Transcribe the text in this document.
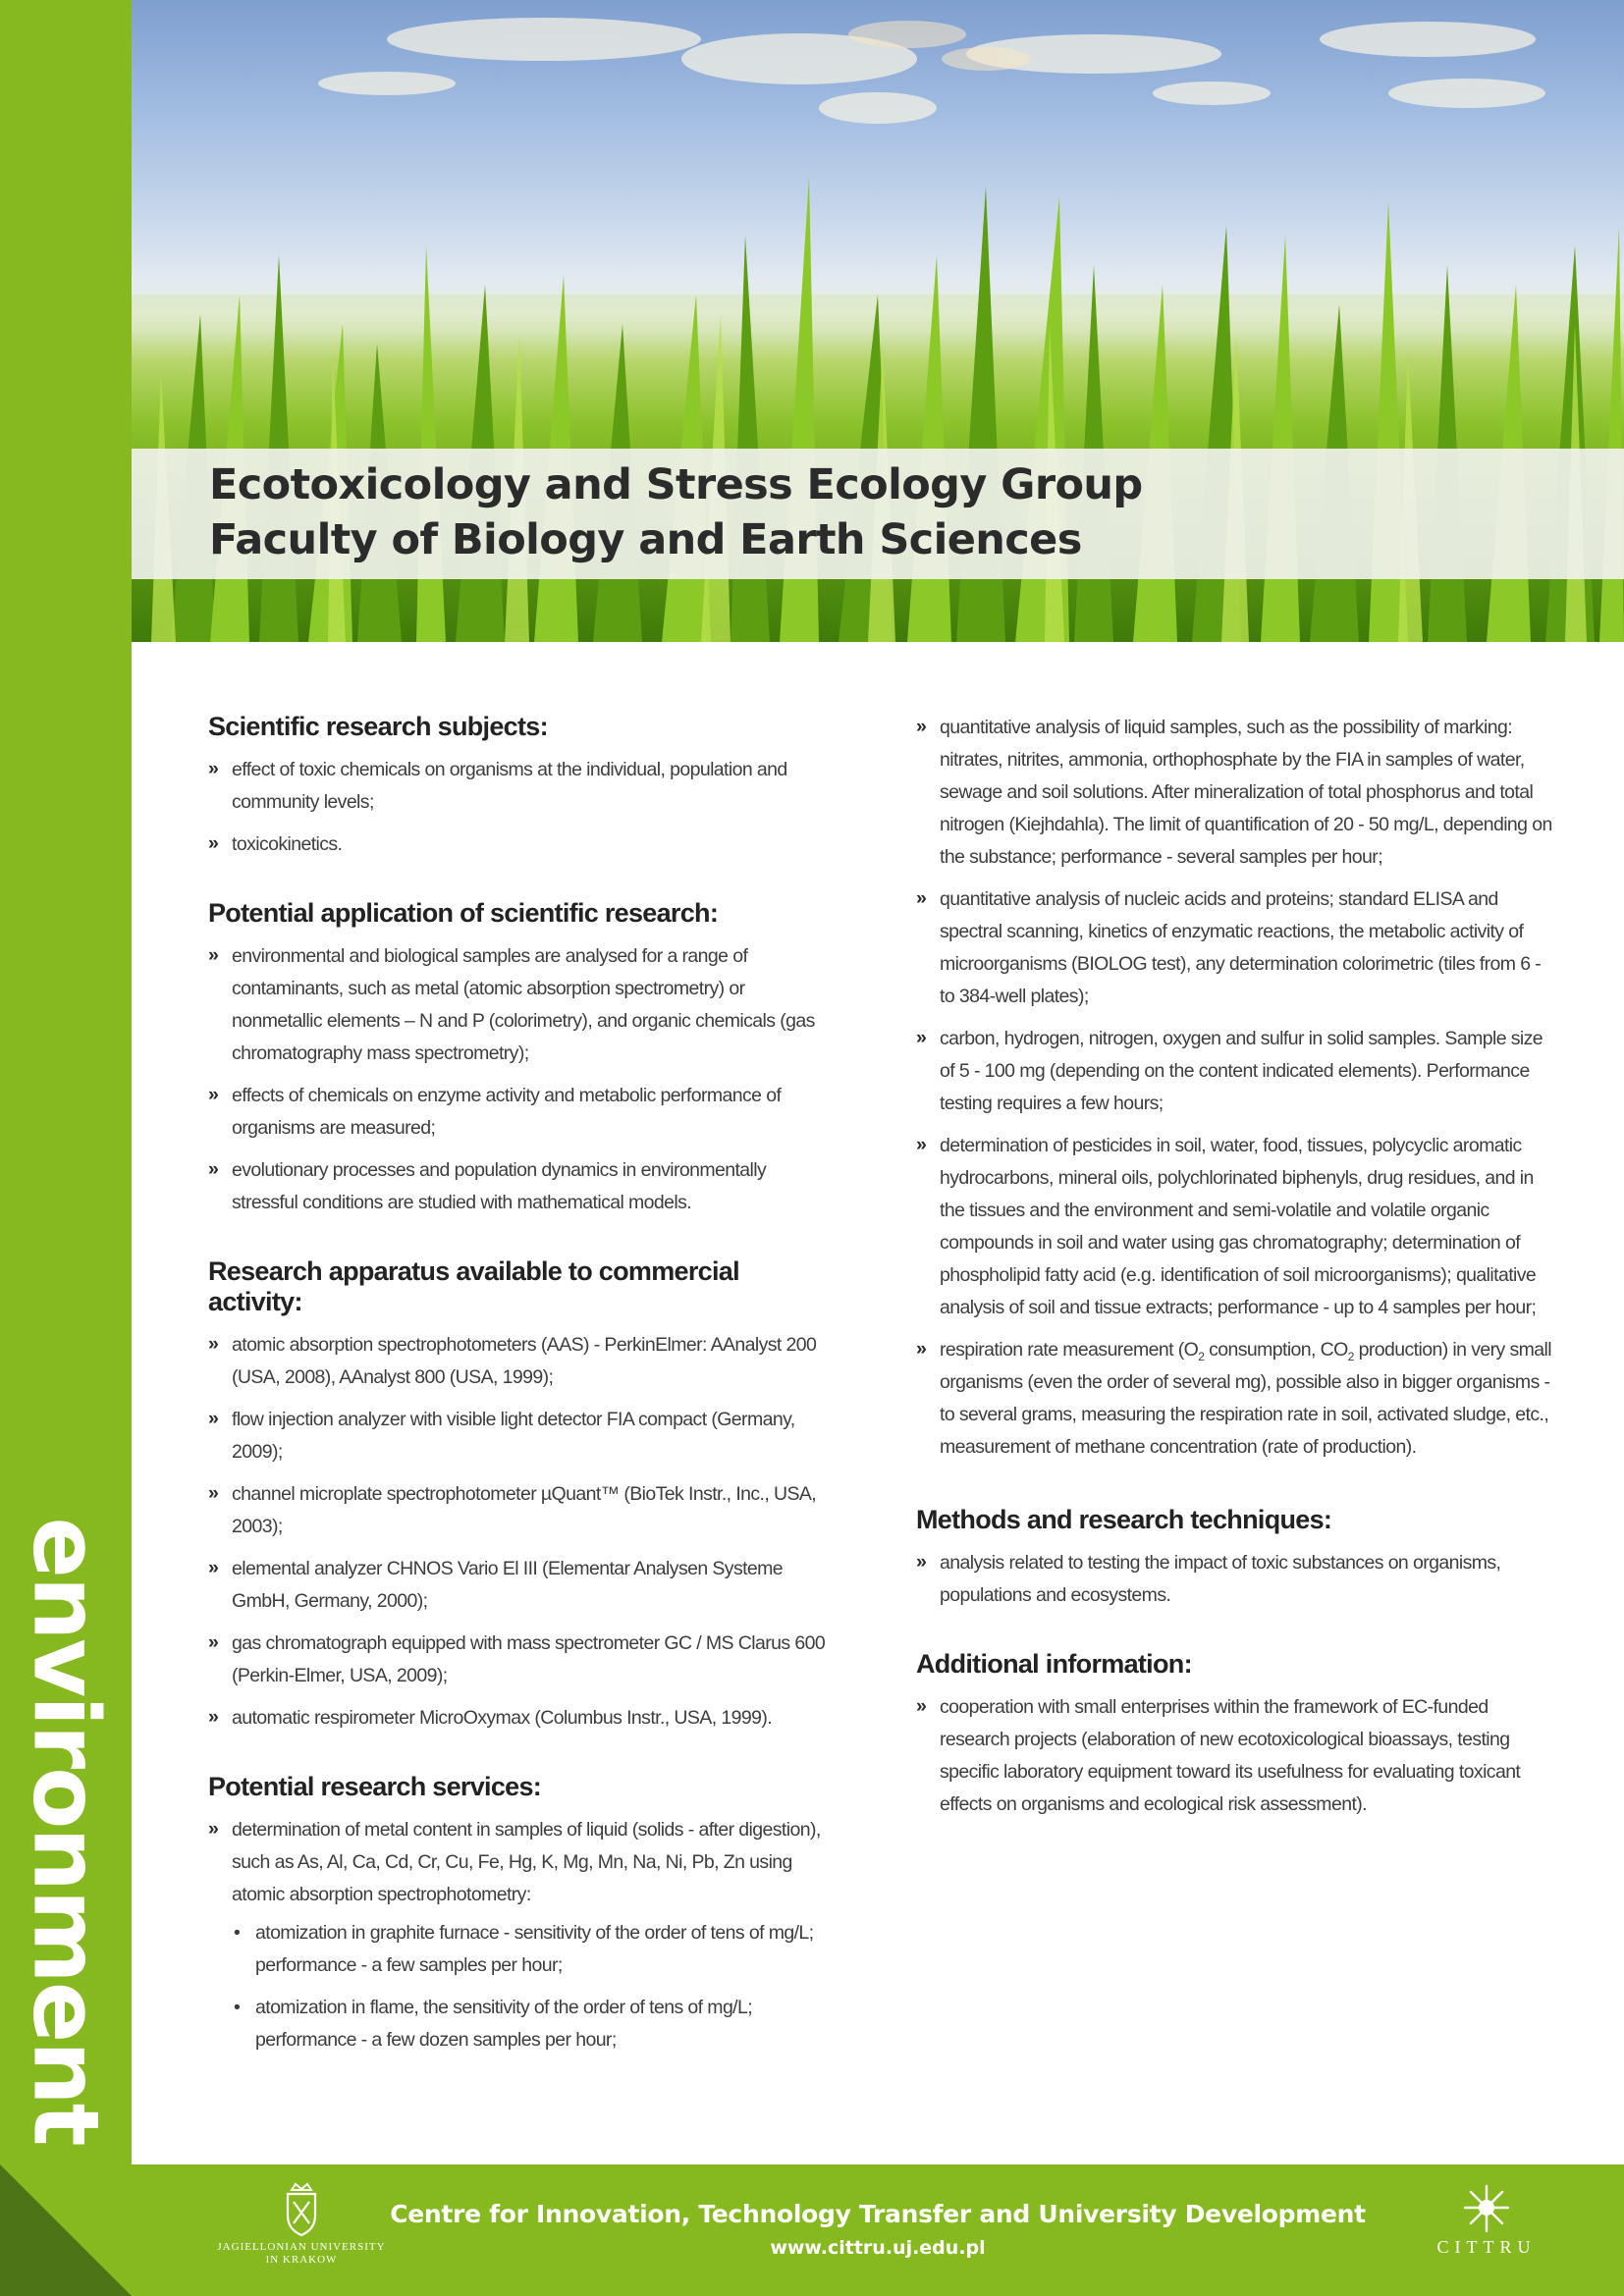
environment
Ecotoxicology and Stress Ecology Group
Faculty of Biology and Earth Sciences
Scientific research subjects:
» effect of toxic chemicals on organisms at the individual, population and community levels;
» toxicokinetics.
Potential application of scientific research:
» environmental and biological samples are analysed for a range of contaminants, such as metal (atomic absorption spectrometry) or nonmetallic elements – N and P (colorimetry), and organic chemicals (gas chromatography mass spectrometry);
» effects of chemicals on enzyme activity and metabolic performance of organisms are measured;
» evolutionary processes and population dynamics in environmentally stressful conditions are studied with mathematical models.
Research apparatus available to commercial activity:
» atomic absorption spectrophotometers (AAS) - PerkinElmer: AAnalyst 200 (USA, 2008), AAnalyst 800 (USA, 1999);
» flow injection analyzer with visible light detector FIA compact (Germany, 2009);
» channel microplate spectrophotometer µQuant™ (BioTek Instr., Inc., USA, 2003);
» elemental analyzer CHNOS Vario El III (Elementar Analysen Systeme GmbH, Germany, 2000);
» gas chromatograph equipped with mass spectrometer GC / MS Clarus 600 (Perkin-Elmer, USA, 2009);
» automatic respirometer MicroOxymax (Columbus Instr., USA, 1999).
Potential research services:
» determination of metal content in samples of liquid (solids - after digestion), such as As, Al, Ca, Cd, Cr, Cu, Fe, Hg, K, Mg, Mn, Na, Ni, Pb, Zn using atomic absorption spectrophotometry:
• atomization in graphite furnace - sensitivity of the order of tens of mg/L; performance - a few samples per hour;
• atomization in flame, the sensitivity of the order of tens of mg/L; performance - a few dozen samples per hour;
» quantitative analysis of liquid samples, such as the possibility of marking: nitrates, nitrites, ammonia, orthophosphate by the FIA in samples of water, sewage and soil solutions. After mineralization of total phosphorus and total nitrogen (Kiejhdahla). The limit of quantification of 20 - 50 mg/L, depending on the substance; performance - several samples per hour;
» quantitative analysis of nucleic acids and proteins; standard ELISA and spectral scanning, kinetics of enzymatic reactions, the metabolic activity of microorganisms (BIOLOG test), any determination colorimetric (tiles from 6 - to 384-well plates);
» carbon, hydrogen, nitrogen, oxygen and sulfur in solid samples. Sample size of 5 - 100 mg (depending on the content indicated elements). Performance testing requires a few hours;
» determination of pesticides in soil, water, food, tissues, polycyclic aromatic hydrocarbons, mineral oils, polychlorinated biphenyls, drug residues, and in the tissues and the environment and semi-volatile and volatile organic compounds in soil and water using gas chromatography; determination of phospholipid fatty acid (e.g. identification of soil microorganisms); qualitative analysis of soil and tissue extracts; performance - up to 4 samples per hour;
» respiration rate measurement ($O_2$ consumption, $CO_2$ production) in very small organisms (even the order of several mg), possible also in bigger organisms - to several grams, measuring the respiration rate in soil, activated sludge, etc., measurement of methane concentration (rate of production).
Methods and research techniques:
» analysis related to testing the impact of toxic substances on organisms, populations and ecosystems.
Additional information:
» cooperation with small enterprises within the framework of EC-funded research projects (elaboration of new ecotoxicological bioassays, testing specific laboratory equipment toward its usefulness for evaluating toxicant effects on organisms and ecological risk assessment).
JAGIELLONIAN UNIVERSITY
IN KRAKOW
Centre for Innovation, Technology Transfer and University Development
www.cittru.uj.edu.pl	CITTRU
